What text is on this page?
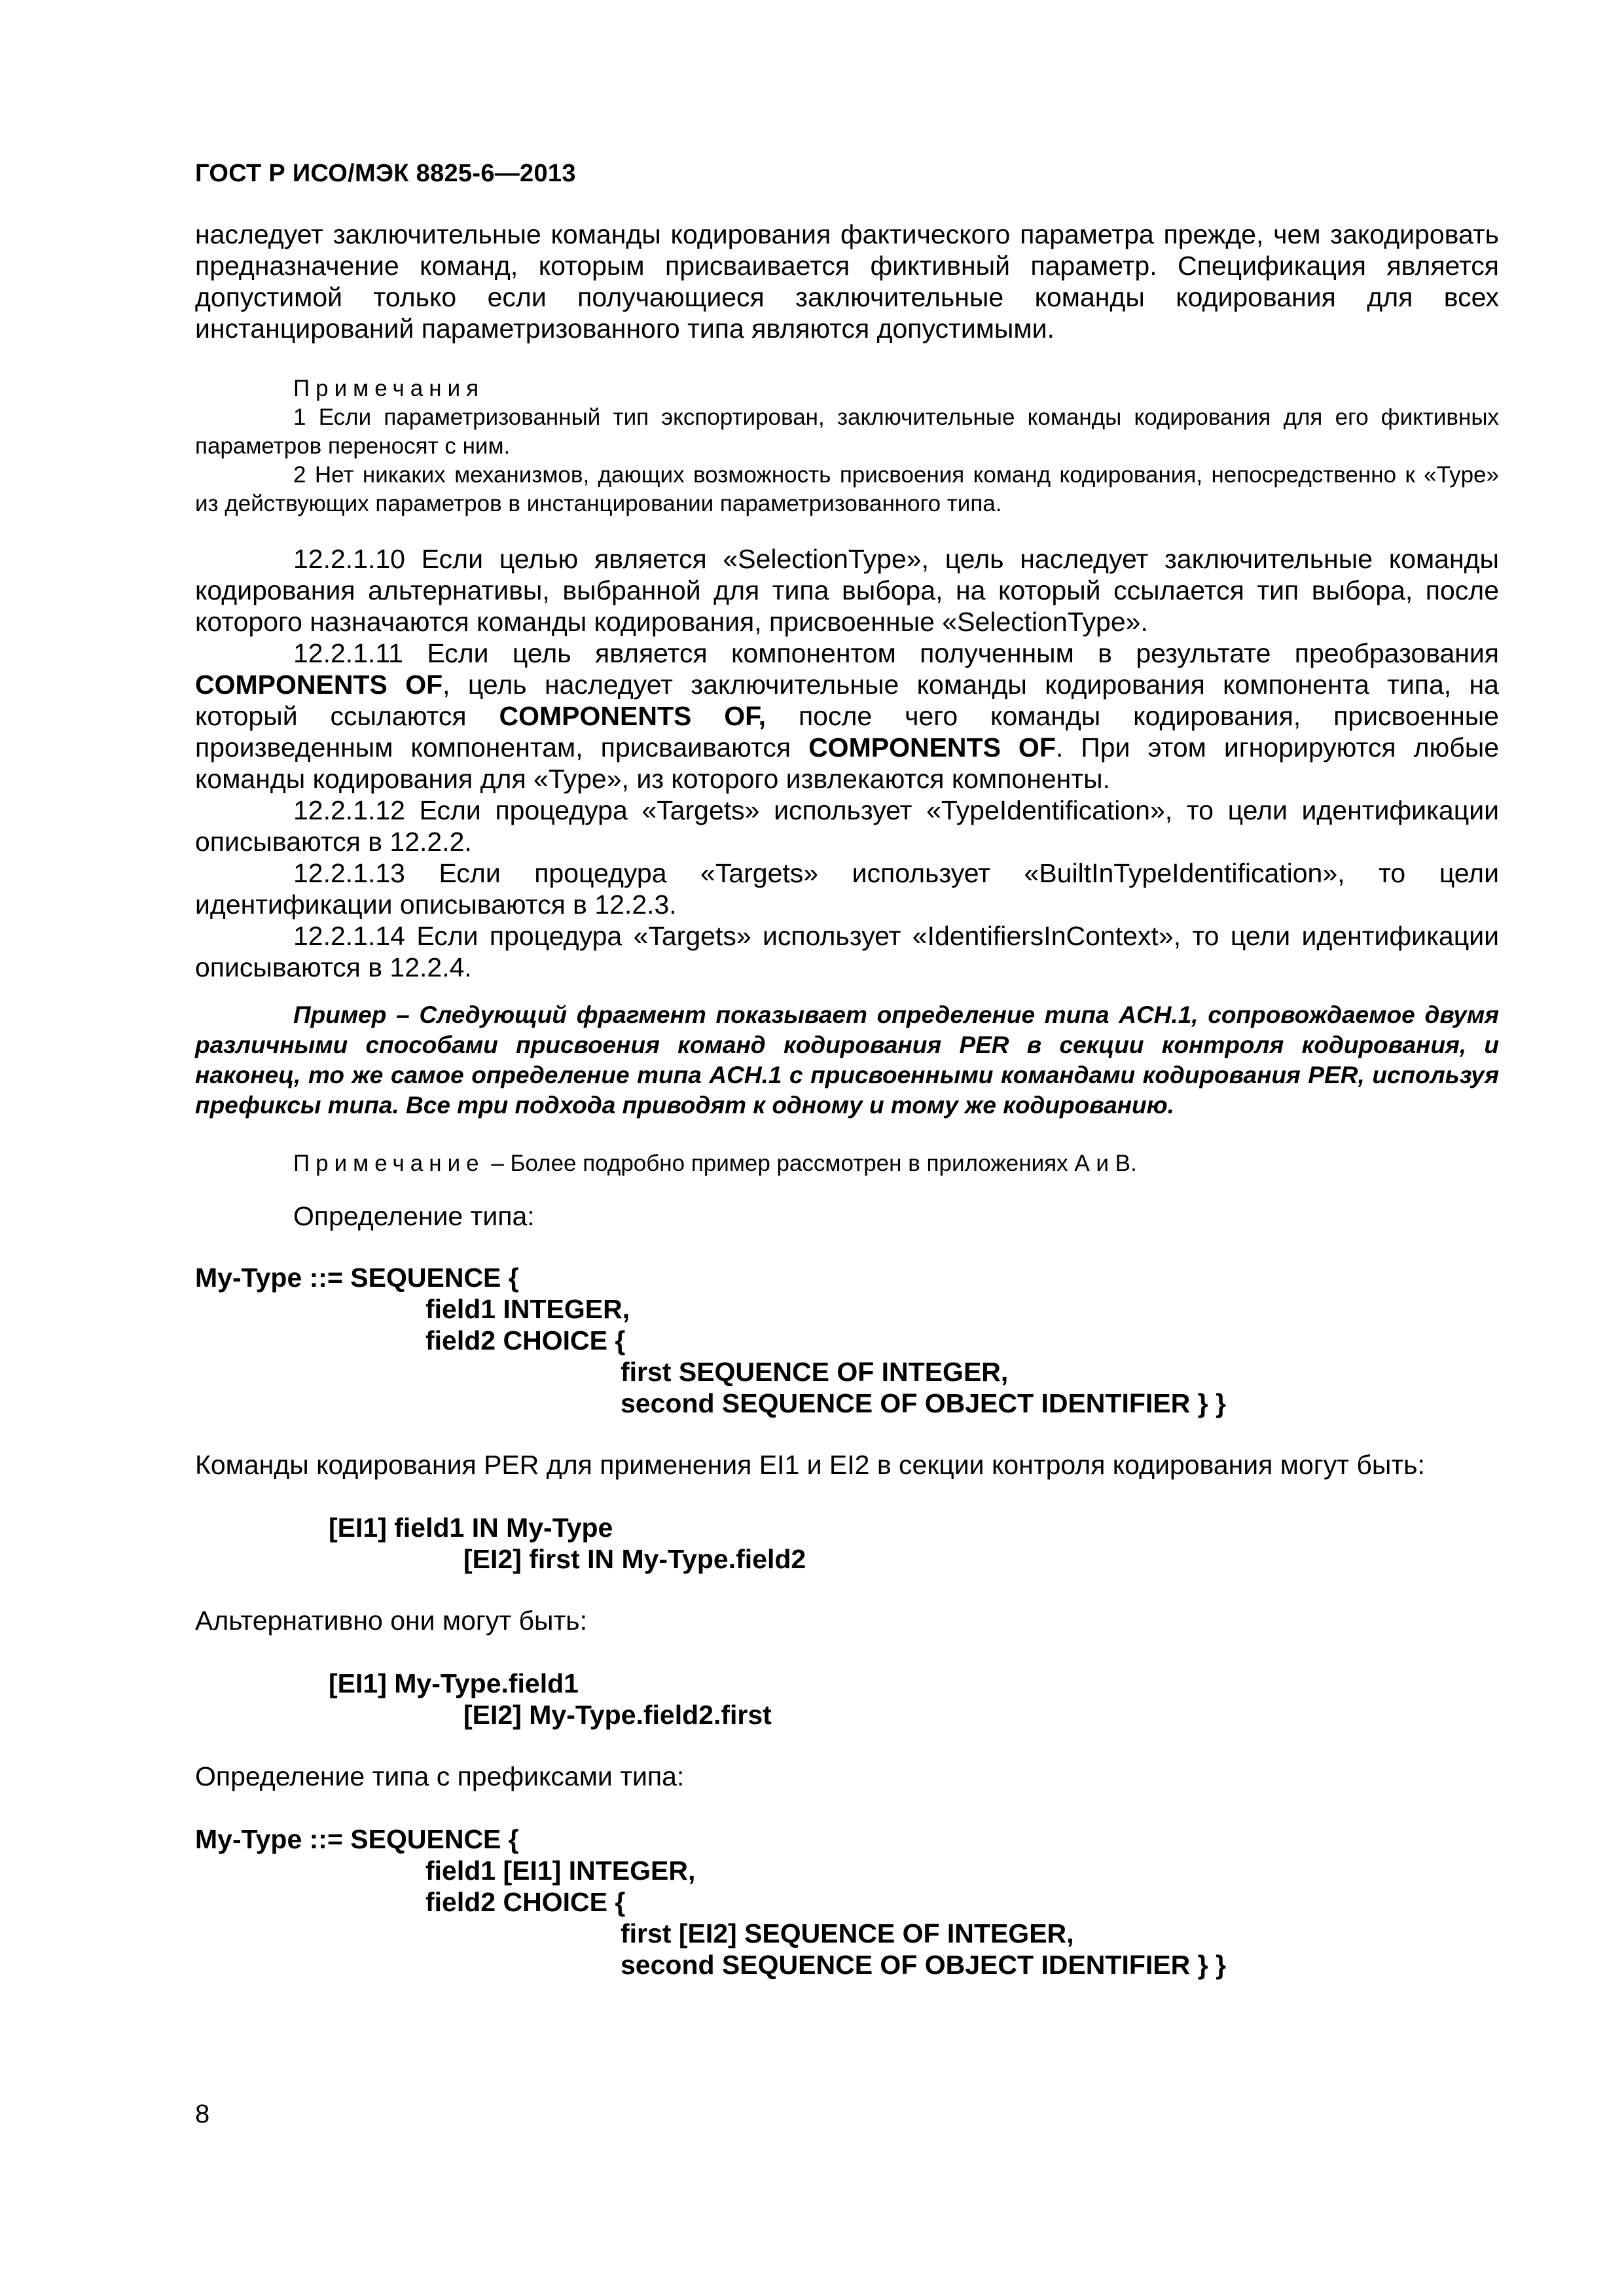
ГОСТ Р ИСО/МЭК 8825-6—2013

наследует заключительные команды кодирования фактического параметра прежде, чем закодировать предназначение команд, которым присваивается фиктивный параметр. Спецификация является допустимой только если получающиеся заключительные команды кодирования для всех инстанцирований параметризованного типа являются допустимыми.

Примечания

1 Если параметризованный тип экспортирован, заключительные команды кодирования для его фиктивных параметров переносят с ним.

2 Нет никаких механизмов, дающих возможность присвоения команд кодирования, непосредственно к «Type» из действующих параметров в инстанцировании параметризованного типа.

12.2.1.10 Если целью является «SelectionType», цель наследует заключительные команды кодирования альтернативы, выбранной для типа выбора, на который ссылается тип выбора, после которого назначаются команды кодирования, присвоенные «SelectionType».

12.2.1.11 Если цель является компонентом полученным в результате преобразования COMPONENTS OF, цель наследует заключительные команды кодирования компонента типа, на который ссылаются COMPONENTS OF, после чего команды кодирования, присвоенные произведенным компонентам, присваиваются COMPONENTS OF. При этом игнорируются любые команды кодирования для «Type», из которого извлекаются компоненты.

12.2.1.12 Если процедура «Targets» использует «TypeIdentification», то цели идентификации описываются в 12.2.2.

12.2.1.13 Если процедура «Targets» использует «BuiltInTypeIdentification», то цели идентификации описываются в 12.2.3.

12.2.1.14 Если процедура «Targets» использует «IdentifiersInContext», то цели идентификации описываются в 12.2.4.

Пример – Следующий фрагмент показывает определение типа ACH.1, сопровождаемое двумя различными способами присвоения команд кодирования PER в секции контроля кодирования, и наконец, то же самое определение типа ACH.1 с присвоенными командами кодирования PER, используя префиксы типа. Все три подхода приводят к одному и тому же кодированию.
Примечание – Более подробно пример рассмотрен в приложениях А и В.
Определение типа:
My-Type ::= SEQUENCE {
field1 INTEGER,
field2 CHOICE {
first SEQUENCE OF INTEGER,
second SEQUENCE OF OBJECT IDENTIFIER } }
Команды кодирования PER для применения EI1 и EI2 в секции контроля кодирования могут быть:
[EI1] field1 IN My-Type
[EI2] first IN My-Type.field2
Альтернативно они могут быть:
[EI1] My-Type.field1
[EI2] My-Type.field2.first
Определение типа с префиксами типа:
My-Type ::= SEQUENCE {
field1 [EI1] INTEGER,
field2 CHOICE {
first [EI2] SEQUENCE OF INTEGER,
second SEQUENCE OF OBJECT IDENTIFIER } }
8
